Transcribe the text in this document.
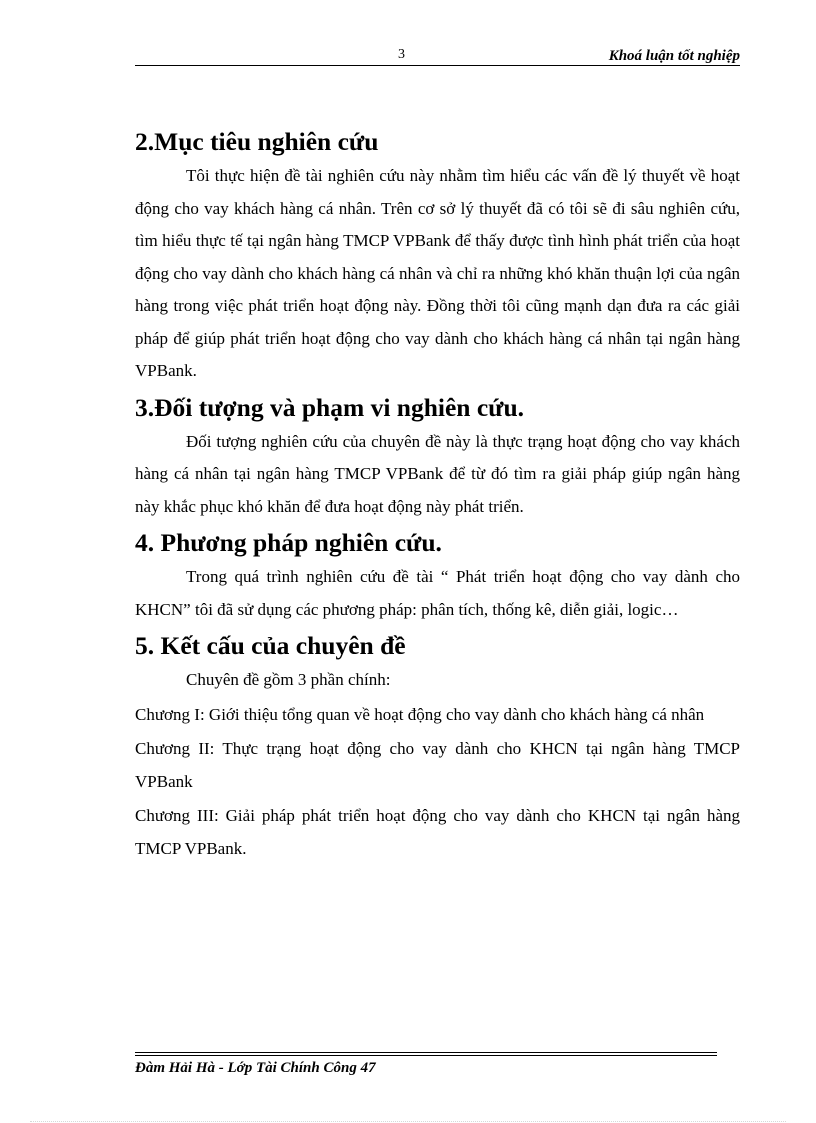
3	Khoá luận tốt nghiệp
2.Mục tiêu nghiên cứu

Tôi thực hiện đề tài nghiên cứu này nhằm tìm hiểu các vấn đề lý thuyết về hoạt động cho vay khách hàng cá nhân. Trên cơ sở lý thuyết đã có tôi sẽ đi sâu nghiên cứu, tìm hiểu thực tế tại ngân hàng TMCP VPBank để thấy được tình hình phát triển của hoạt động cho vay dành cho khách hàng cá nhân và chỉ ra những khó khăn thuận lợi của ngân hàng trong việc phát triển hoạt động này. Đồng thời tôi cũng mạnh dạn đưa ra các giải pháp để giúp phát triển hoạt động cho vay dành cho khách hàng cá nhân tại ngân hàng VPBank.

3.Đối tượng và phạm vi nghiên cứu.

Đối tượng nghiên cứu của chuyên đề này là thực trạng hoạt động cho vay khách hàng cá nhân tại ngân hàng TMCP VPBank để từ đó tìm ra giải pháp giúp ngân hàng này khắc phục khó khăn để đưa hoạt động này phát triển.

4. Phương pháp nghiên cứu.

Trong quá trình nghiên cứu đề tài “ Phát triển hoạt động cho vay dành cho KHCN” tôi đã sử dụng các phương pháp: phân tích, thống kê, diễn giải, logic…

5. Kết cấu của chuyên đề

Chuyên đề gồm 3 phần chính:

Chương I: Giới thiệu tổng quan về hoạt động cho vay dành cho khách hàng cá nhân

Chương II: Thực trạng hoạt động cho vay dành cho KHCN tại ngân hàng TMCP VPBank

Chương III: Giải pháp phát triển hoạt động cho vay dành cho KHCN tại ngân hàng TMCP VPBank.

Đàm Hải Hà - Lớp Tài Chính Công 47
